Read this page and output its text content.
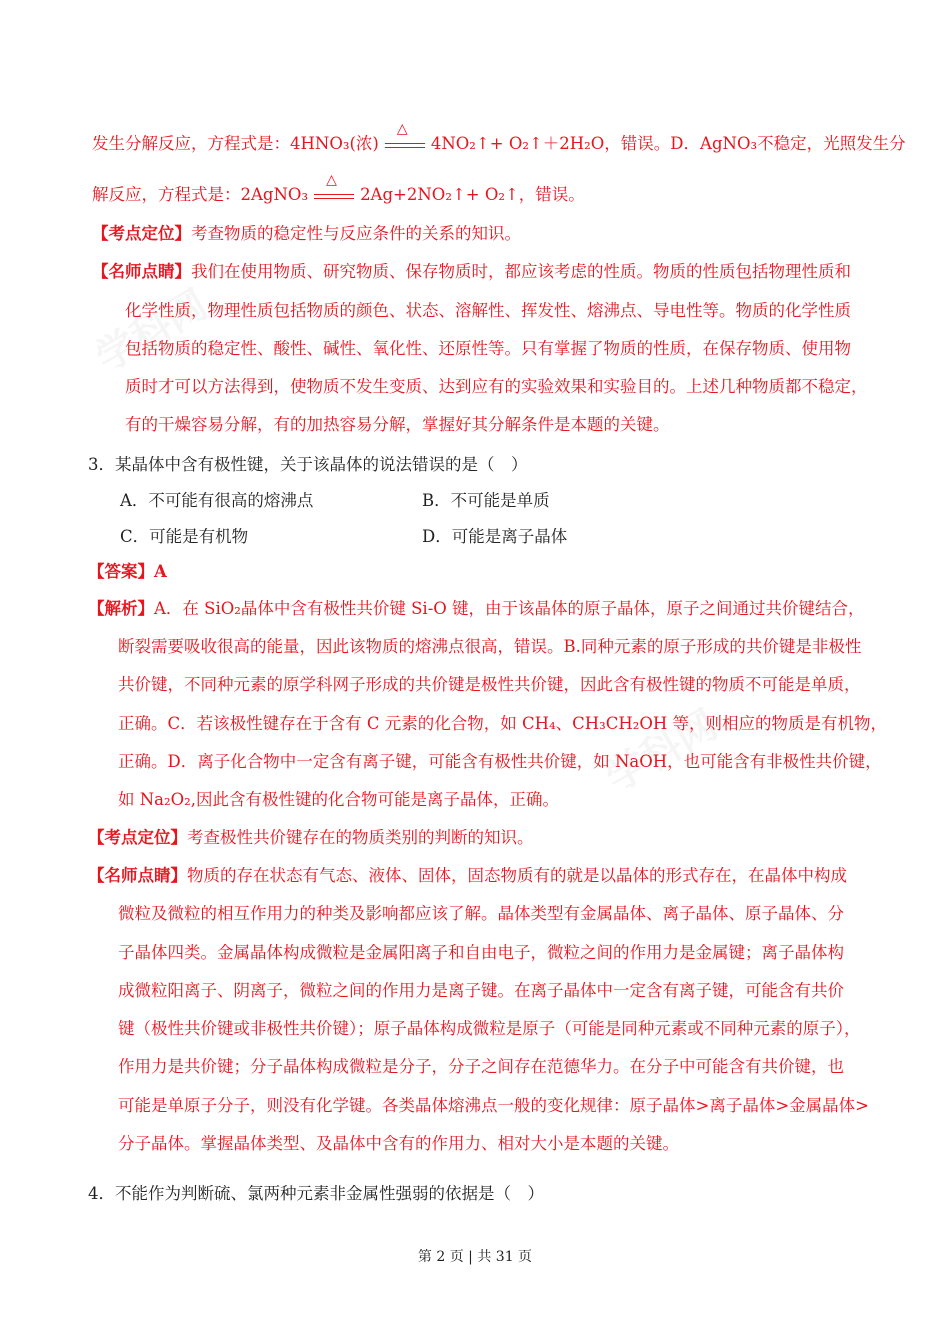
学科网
学科网
发生分解反应，方程式是：4HNO₃(浓)
△
4NO₂↑+ O₂↑＋2H₂O，错误。D．AgNO₃不稳定，光照发生分
解反应，方程式是：2AgNO₃
△
2Ag+2NO₂↑+ O₂↑，错误。
【考点定位】考查物质的稳定性与反应条件的关系的知识。
【名师点睛】我们在使用物质、研究物质、保存物质时，都应该考虑的性质。物质的性质包括物理性质和
化学性质，物理性质包括物质的颜色、状态、溶解性、挥发性、熔沸点、导电性等。物质的化学性质
包括物质的稳定性、酸性、碱性、氧化性、还原性等。只有掌握了物质的性质，在保存物质、使用物
质时才可以方法得到，使物质不发生变质、达到应有的实验效果和实验目的。上述几种物质都不稳定，
有的干燥容易分解，有的加热容易分解，掌握好其分解条件是本题的关键。
3．某晶体中含有极性键，关于该晶体的说法错误的是（　）
A．不可能有很高的熔沸点	B．不可能是单质
C．可能是有机物	D．可能是离子晶体
【答案】A
【解析】A．在 SiO₂晶体中含有极性共价键 Si-O 键，由于该晶体的原子晶体，原子之间通过共价键结合，
断裂需要吸收很高的能量，因此该物质的熔沸点很高，错误。B.同种元素的原子形成的共价键是非极性
共价键，不同种元素的原学科网子形成的共价键是极性共价键，因此含有极性键的物质不可能是单质，
正确。C．若该极性键存在于含有 C 元素的化合物，如 CH₄、CH₃CH₂OH 等，则相应的物质是有机物，
正确。D．离子化合物中一定含有离子键，可能含有极性共价键，如 NaOH，也可能含有非极性共价键，
如 Na₂O₂,因此含有极性键的化合物可能是离子晶体，正确。
【考点定位】考查极性共价键存在的物质类别的判断的知识。
【名师点睛】物质的存在状态有气态、液体、固体，固态物质有的就是以晶体的形式存在，在晶体中构成
微粒及微粒的相互作用力的种类及影响都应该了解。晶体类型有金属晶体、离子晶体、原子晶体、分
子晶体四类。金属晶体构成微粒是金属阳离子和自由电子，微粒之间的作用力是金属键；离子晶体构
成微粒阳离子、阴离子，微粒之间的作用力是离子键。在离子晶体中一定含有离子键，可能含有共价
键（极性共价键或非极性共价键）；原子晶体构成微粒是原子（可能是同种元素或不同种元素的原子），
作用力是共价键；分子晶体构成微粒是分子，分子之间存在范德华力。在分子中可能含有共价键，也
可能是单原子分子，则没有化学键。各类晶体熔沸点一般的变化规律：原子晶体>离子晶体>金属晶体>
分子晶体。掌握晶体类型、及晶体中含有的作用力、相对大小是本题的关键。
4．不能作为判断硫、氯两种元素非金属性强弱的依据是（　）
第 2 页 | 共 31 页
